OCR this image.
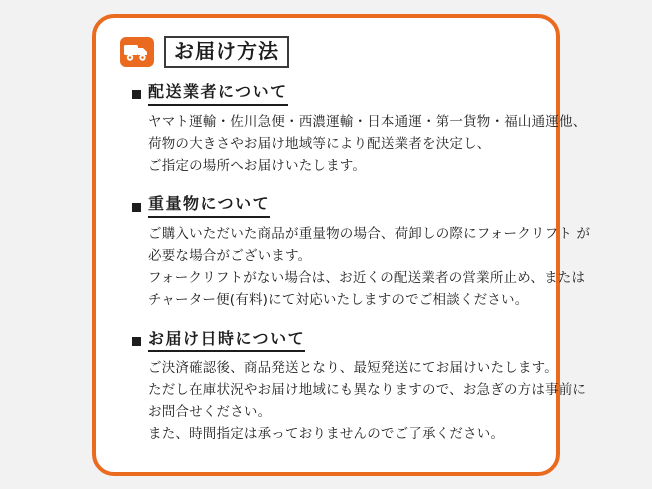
お届け方法
配送業者について
ヤマト運輸・佐川急便・西濃運輸・日本通運・第一貨物・福山通運他、
荷物の大きさやお届け地域等により配送業者を決定し、
ご指定の場所へお届けいたします。
重量物について
ご購入いただいた商品が重量物の場合、荷卸しの際にフォークリフト が
必要な場合がございます。
フォークリフトがない場合は、お近くの配送業者の営業所止め、または
チャーター便(有料)にて対応いたしますのでご相談ください。
お届け日時について
ご決済確認後、商品発送となり、最短発送にてお届けいたします。
ただし在庫状況やお届け地域にも異なりますので、お急ぎの方は事前に
お問合せください。
また、時間指定は承っておりませんのでご了承ください。
